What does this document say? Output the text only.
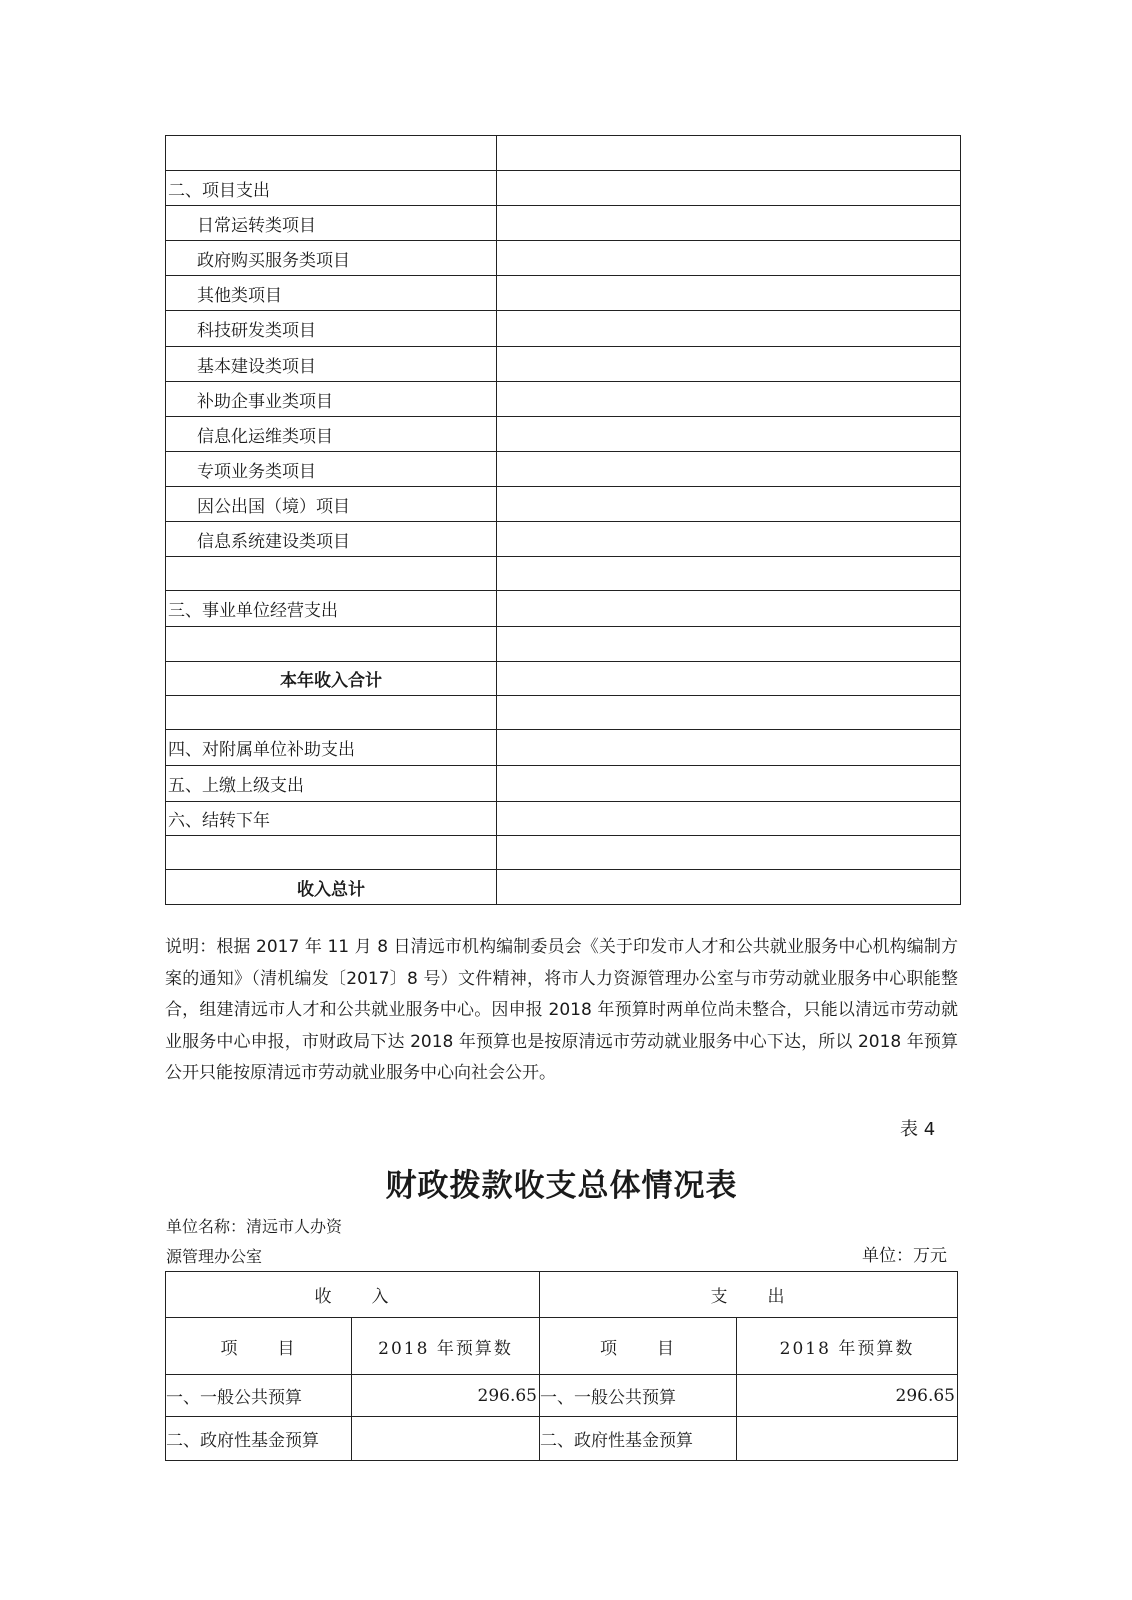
二、项目支出	
日常运转类项目	
政府购买服务类项目	
其他类项目	
科技研发类项目	
基本建设类项目	
补助企事业类项目	
信息化运维类项目	
专项业务类项目	
因公出国（境）项目	
信息系统建设类项目	

三、事业单位经营支出	

本年收入合计	

四、对附属单位补助支出	
五、上缴上级支出	
六、结转下年	

收入总计	
说明：根据 2017 年 11 月 8 日清远市机构编制委员会《关于印发市人才和公共就业服务中心机构编制方案的通知》（清机编发〔2017〕8 号）文件精神，将市人力资源管理办公室与市劳动就业服务中心职能整合，组建清远市人才和公共就业服务中心。因申报 2018 年预算时两单位尚未整合，只能以清远市劳动就业服务中心申报，市财政局下达 2018 年预算也是按原清远市劳动就业服务中心下达，所以 2018 年预算公开只能按原清远市劳动就业服务中心向社会公开。
表 4
财政拨款收支总体情况表
单位名称：清远市人办资
源管理办公室	单位：万元
收　　入		支　　出	
项　　目	2018 年预算数	项　　目	2018 年预算数
一、一般公共预算	296.65	一、一般公共预算	296.65
二、政府性基金预算		二、政府性基金预算	
